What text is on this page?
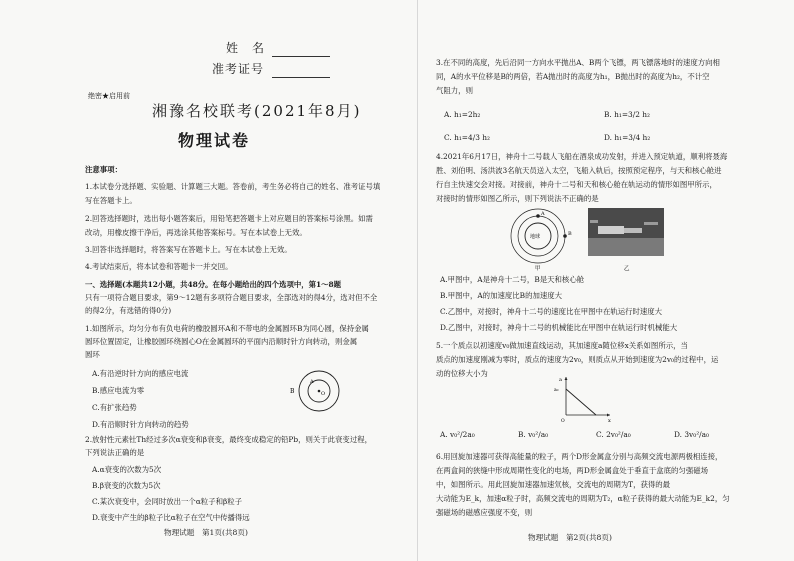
姓　名
准考证号
绝密★启用前
湘豫名校联考(2021年8月)
物理试卷
注意事项：
1.本试卷分选择题、实验题、计算题三大题。答卷前，考生务必将自己的姓名、准考证号填
写在答题卡上。
2.回答选择题时，选出每小题答案后，用铅笔把答题卡上对应题目的答案标号涂黑。如需
改动，用橡皮擦干净后，再选涂其他答案标号。写在本试卷上无效。
3.回答非选择题时，将答案写在答题卡上。写在本试卷上无效。
4.考试结束后，将本试卷和答题卡一并交回。
一、选择题(本题共12小题，共48分。在每小题给出的四个选项中，第1～8题
只有一项符合题目要求，第9～12题有多项符合题目要求，全部选对的得4分，选对但不全
的得2分，有选错的得0分)
1.如图所示，均匀分布有负电荷的橡胶圆环A和不带电的金属圆环B为同心圆，保持金属
圆环位置固定，让橡胶圆环绕圆心O在金属圆环的平面内沿顺时针方向转动，则金属
圆环
A.有沿逆时针方向的感应电流
B.感应电流为零
C.有扩张趋势
D.有沿顺时针方向转动的趋势
B
A
O
2.放射性元素钍Th经过多次α衰变和β衰变，最终变成稳定的铅Pb，则关于此衰变过程，
下列说法正确的是
A.α衰变的次数为5次
B.β衰变的次数为5次
C.某次衰变中，会同时放出一个α粒子和β粒子
D.衰变中产生的β粒子比α粒子在空气中传播得远
物理试题　第1页(共8页)
3.在不同的高度，先后沿同一方向水平抛出A、B两个飞镖，两飞镖落地时的速度方向相
同，A的水平位移是B的两倍，若A抛出时的高度为h₁，B抛出时的高度为h₂，不计空
气阻力，则
A. h₁=2h₂	B. h₁=3/2 h₂
C. h₁=4/3 h₂	D. h₁=3/4 h₂
4.2021年6月17日，神舟十二号载人飞船在酒泉成功发射，并进入预定轨道，顺利将聂海
胜、刘伯明、汤洪波3名航天员送入太空，飞船入轨后，按照预定程序，与天和核心舱进
行自主快速交会对接。对接前，神舟十二号和天和核心舱在轨运动的情形如图甲所示，
对接时的情形如图乙所示，则下列说法不正确的是
地球
A
B
甲	乙
A.甲图中，A是神舟十二号，B是天和核心舱
B.甲图中，A的加速度比B的加速度大
C.乙图中，对接时，神舟十二号的速度比在甲图中在轨运行时速度大
D.乙图中，对接时，神舟十二号的机械能比在甲图中在轨运行时机械能大
5.一个质点以初速度v₀做加速直线运动，其加速度a随位移x关系如图所示，当
质点的加速度刚减为零时，质点的速度为2v₀，则质点从开始到速度为2v₀的过程中，运
动的位移大小为
a
x
a₀
O
A. v₀²/2a₀	B. v₀²/a₀	C. 2v₀²/a₀	D. 3v₀²/a₀
6.用回旋加速器可获得高能量的粒子，两个D形金属盒分别与高频交流电源两极相连接，
在两盒间的狭缝中形成周期性变化的电场，两D形金属盒处于垂直于盒底的匀强磁场
中，如图所示。用此回旋加速器加速氘核，交流电的周期为T，获得的最
大动能为E_k，加速α粒子时，高频交流电的周期为T₂，α粒子获得的最大动能为E_k2，匀
强磁场的磁感应强度不变，则
物理试题　第2页(共8页)
